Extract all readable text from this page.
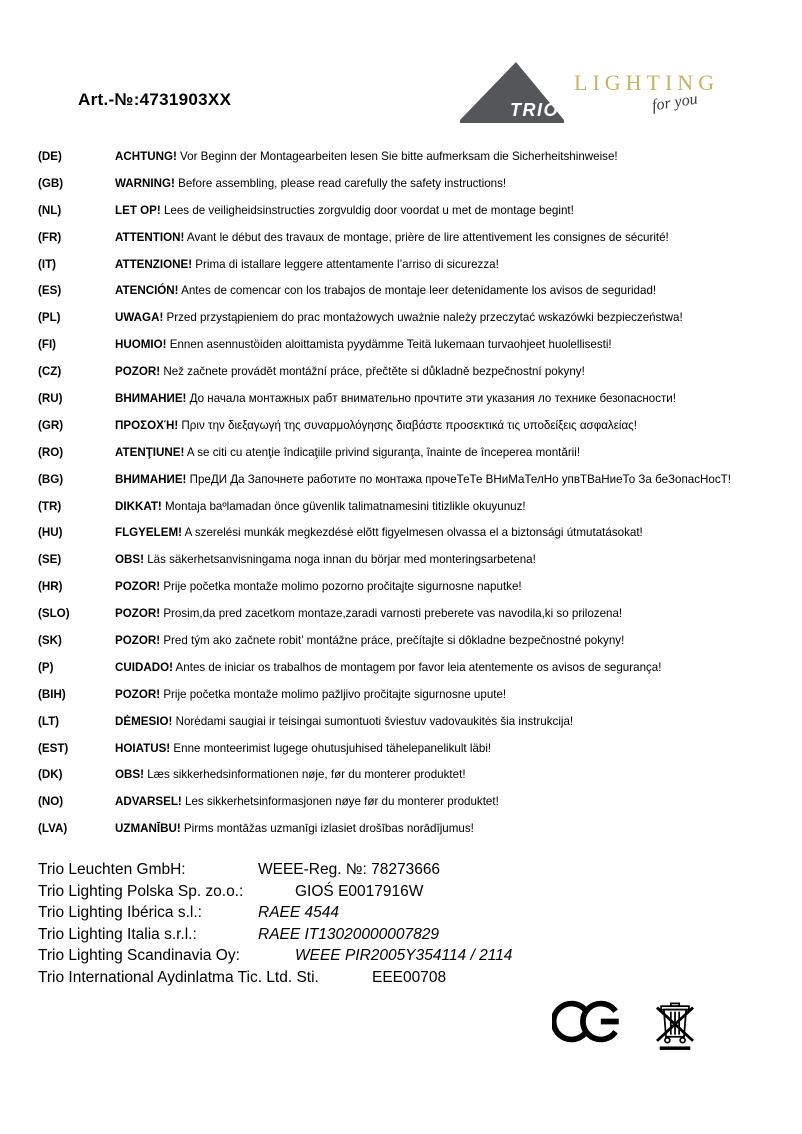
Art.-№:4731903XX
TRIO
LIGHTING
for you
(DE)	ACHTUNG! Vor Beginn der Montagearbeiten lesen Sie bitte aufmerksam die Sicherheitshinweise!
(GB)	WARNING! Before assembling, please read carefully the safety instructions!
(NL)	LET OP! Lees de veiligheidsinstructies zorgvuldig door voordat u met de montage begint!
(FR)	ATTENTION! Avant le début des travaux de montage, prière de lire attentivement les consignes de sécurité!
(IT)	ATTENZIONE! Prima di istallare leggere attentamente l’arriso di sicurezza!
(ES)	ATENCIÓN! Antes de comencar con los trabajos de montaje leer detenidamente los avisos de seguridad!
(PL)	UWAGA! Przed przystąpieniem do prac montażowych uważnie należy przeczytać wskazówki bezpieczeństwa!
(FI)	HUOMIO! Ennen asennustöiden aloittamista pyydämme Teitä lukemaan turvaohjeet huolellisesti!
(CZ)	POZOR! Než začnete provádět montážní práce, přečtěte si důkladně bezpečnostní pokyny!
(RU)	ВНИМАНИЕ! До начала монтажных рабт внимательно прочтите эти указания ло технике безопасности!
(GR)	ΠΡΟΣΟΧΉ! Πριν την διεξαγωγή της συναρμολόγησης διαβάστε προσεκτικά τις υποδείξεις ασφαλείας!
(RO)	ATENŢIUNE! A se citi cu atenţie îndicaţiile privind siguranţa, înainte de începerea montării!
(BG)	ВНИМАНИЕ! ПреДИ Да Започнете работите по монтажа прочеТеТе ВНиМаТелНо упвТВаНиеТо За беЗопасНосТ!
(TR)	DIKKAT! Montaja baºlamadan önce güvenlik talimatnamesini titizlikle okuyunuz!
(HU)	FLGYELEM! A szerelési munkák megkezdésė elõtt figyelmesen olvassa el a biztonsági útmutatásokat!
(SE)	OBS! Läs säkerhetsanvisningama noga innan du börjar med monteringsarbetena!
(HR)	POZOR! Prije početka montaže molimo pozorno pročitajte sigurnosne naputke!
(SLO)	POZOR! Prosim,da pred zacetkom montaze,zaradi varnosti preberete vas navodila,ki so prilozena!
(SK)	POZOR! Pred tým ako začnete robit’ montážne práce, prečítajte si dôkladne bezpečnostné pokyny!
(P)	CUIDADO! Antes de iniciar os trabalhos de montagem por favor leia atentemente os avisos de segurança!
(BIH)	POZOR! Prije početka montaže molimo pažljivo pročitajte sigurnosne upute!
(LT)	DĖMESIO! Norėdami saugiai ir teisingai sumontuoti šviestuv vadovaukitės šia instrukcija!
(EST)	HOIATUS! Enne monteerimist lugege ohutusjuhised tähelepanelikult läbi!
(DK)	OBS! Læs sikkerhedsinformationen nøje, før du monterer produktet!
(NO)	ADVARSEL! Les sikkerhetsinformasjonen nøye før du monterer produktet!
(LVA)	UZMANĪBU! Pirms montāžas uzmanīgi izlasiet drošības norādījumus!
Trio Leuchten GmbH:	WEEE-Reg. №: 78273666
Trio Lighting Polska Sp. zo.o.:	GIOŚ E0017916W
Trio Lighting Ibérica s.l.:	RAEE 4544
Trio Lighting Italia s.r.l.:	RAEE IT13020000007829
Trio Lighting Scandinavia Oy:	WEEE PIR2005Y354114 / 2114
Trio International Aydinlatma Tic. Ltd. Sti.	EEE00708
